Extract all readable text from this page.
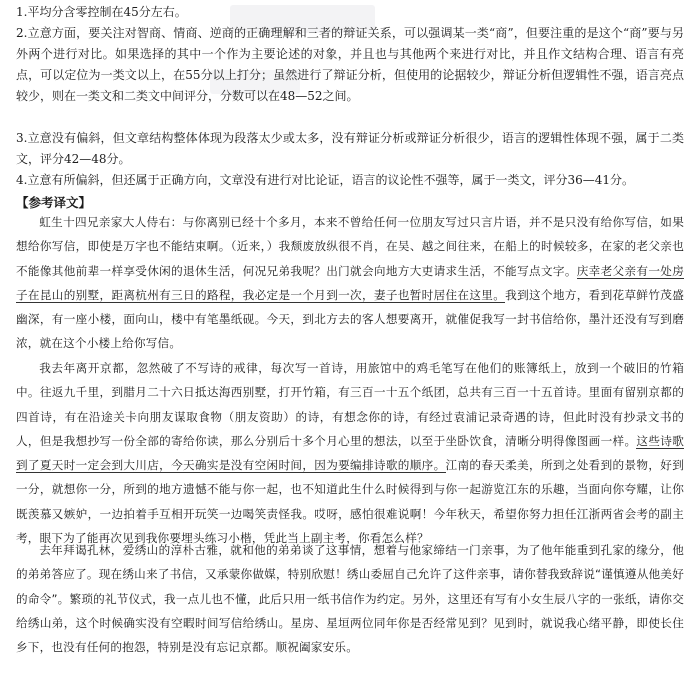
1.平均分含零控制在45分左右。
2.立意方面，要关注对智商、情商、逆商的正确理解和三者的辩证关系，可以强调某一类“商”，但要注重的是这个“商”要与另外两个进行对比。如果选择的其中一个作为主要论述的对象，并且也与其他两个来进行对比，并且作文结构合理、语言有亮点，可以定位为一类文以上，在55分以上打分；虽然进行了辩证分析，但使用的论据较少，辩证分析但逻辑性不强，语言亮点较少，则在一类文和二类文中间评分，分数可以在48—52之间。
3.立意没有偏斜，但文章结构整体体现为段落太少或太多，没有辩证分析或辩证分析很少，语言的逻辑性体现不强，属于二类文，评分42—48分。
4.立意有所偏斜，但还属于正确方向，文章没有进行对比论证，语言的议论性不强等，属于一类文，评分36—41分。
【参考译文】
虹生十四兄亲家大人侍右：与你离别已经十个多月，本来不曾给任何一位朋友写过只言片语，并不是只没有给你写信，如果想给你写信，即使是万字也不能结束啊。（近来，）我颓废放纵很不肖，在吴、越之间往来，在船上的时候较多，在家的老父亲也不能像其他前辈一样享受休闲的退休生活，何况兄弟我呢？出门就会向地方大吏请求生活，不能写点文字。庆幸老父亲有一处房子在昆山的别墅，距离杭州有三日的路程，我必定是一个月到一次，妻子也暂时居住在这里。我到这个地方，看到花草鲜竹茂盛幽深，有一座小楼，面向山，楼中有笔墨纸砚。今天，到北方去的客人想要离开，就催促我写一封书信给你，墨汁还没有写到磨浓，就在这个小楼上给你写信。
我去年离开京都，忽然破了不写诗的戒律，每次写一首诗，用旅馆中的鸡毛笔写在他们的账簿纸上，放到一个破旧的竹箱中。往返九千里，到腊月二十六日抵达海西别墅，打开竹箱，有三百一十五个纸团，总共有三百一十五首诗。里面有留别京都的四首诗，有在沿途关卡向朋友谋取食物（朋友资助）的诗，有想念你的诗，有经过袁浦记录奇遇的诗，但此时没有抄录文书的人，但是我想抄写一份全部的寄给你读，那么分别后十多个月心里的想法，以至于坐卧饮食，清晰分明得像图画一样。这些诗歌到了夏天时一定会到大川店，今天确实是没有空闲时间，因为要编排诗歌的顺序。江南的春天柔美，所到之处看到的景物，好到一分，就想你一分，所到的地方遗憾不能与你一起，也不知道此生什么时候得到与你一起游览江东的乐趣，当面向你夸耀，让你既羡慕又嫉妒，一边拍着手互相开玩笑一边喝笑责怪我。哎呀，感怕很难说啊！今年秋天，希望你努力担任江浙两省会考的副主考，眼下为了能再次见到我你要埋头练习小楷，凭此当上副主考，你看怎么样？
去年拜谒孔林，爱绣山的淳朴古雅，就和他的弟弟谈了这事情，想着与他家缔结一门亲事，为了他年能重到孔家的缘分，他的弟弟答应了。现在绣山来了书信，又承蒙你做媒，特别欣慰！绣山委屈自己允许了这件亲事，请你替我致辞说“谨慎遵从他美好的命令”。繁琐的礼节仪式，我一点儿也不懂，此后只用一纸书信作为约定。另外，这里还有写有小女生辰八字的一张纸，请你交给绣山弟，这个时候确实没有空暇时间写信给绣山。星房、星垣两位同年你是否经常见到？见到时，就说我心绪平静，即使长住乡下，也没有任何的抱怨，特别是没有忘记京都。顺祝阖家安乐。
